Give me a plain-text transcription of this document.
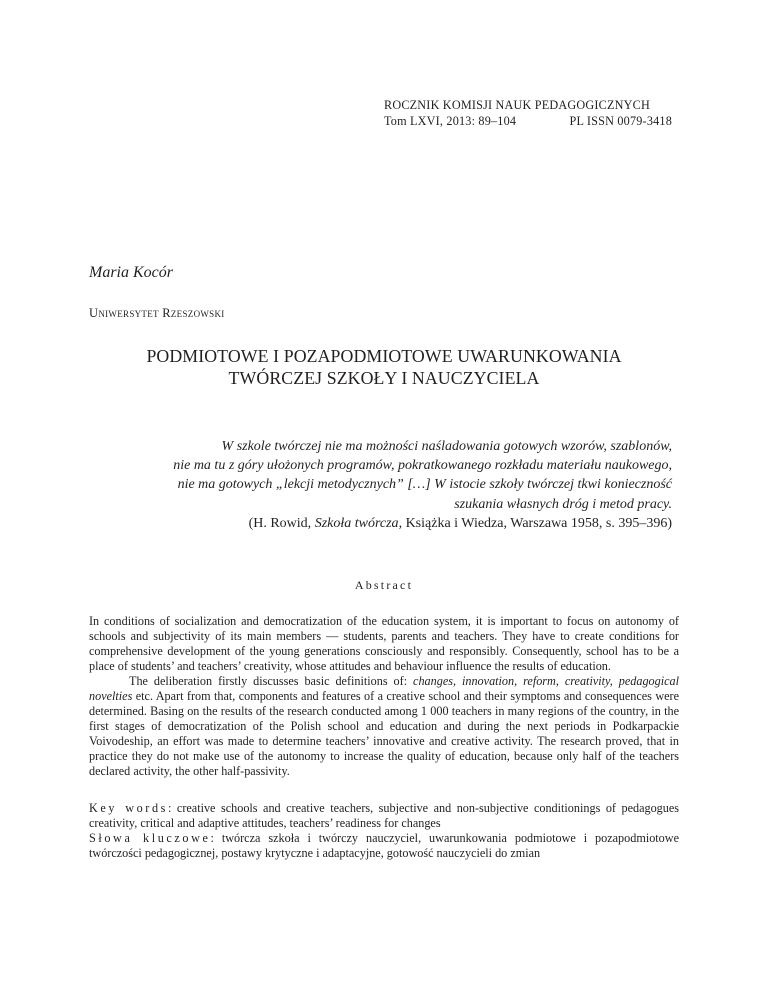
ROCZNIK KOMISJI NAUK PEDAGOGICZNYCH
Tom LXVI, 2013: 89–104	PL ISSN 0079-3418
Maria Kocór
Uniwersytet Rzeszowski
PODMIOTOWE I POZAPODMIOTOWE UWARUNKOWANIA
TWÓRCZEJ SZKOŁY I NAUCZYCIELA
W szkole twórczej nie ma możności naśladowania gotowych wzorów, szablonów,
nie ma tu z góry ułożonych programów, pokratkowanego rozkładu materiału naukowego,
nie ma gotowych „lekcji metodycznych” […] W istocie szkoły twórczej tkwi konieczność
szukania własnych dróg i metod pracy.
(H. Rowid, Szkoła twórcza, Książka i Wiedza, Warszawa 1958, s. 395–396)
Abstract

In conditions of socialization and democratization of the education system, it is important to focus on autonomy of schools and subjectivity of its main members — students, parents and teachers. They have to create conditions for comprehensive development of the young generations consciously and responsibly. Consequently, school has to be a place of students’ and teachers’ creativity, whose attitudes and behaviour influence the results of education.

The deliberation firstly discusses basic definitions of: changes, innovation, reform, creativity, pedagogical novelties etc. Apart from that, components and features of a creative school and their symptoms and consequences were determined. Basing on the results of the research conducted among 1 000 teachers in many regions of the country, in the first stages of democratization of the Polish school and education and during the next periods in Podkarpackie Voivodeship, an effort was made to determine teachers’ innovative and creative activity. The research proved, that in practice they do not make use of the autonomy to increase the quality of education, because only half of the teachers declared activity, the other half-passivity.

Key words: creative schools and creative teachers, subjective and non-subjective conditionings of pedagogues creativity, critical and adaptive attitudes, teachers’ readiness for changes

Słowa kluczowe: twórcza szkoła i twórczy nauczyciel, uwarunkowania podmiotowe i pozapodmiotowe twórczości pedagogicznej, postawy krytyczne i adaptacyjne, gotowość nauczycieli do zmian
